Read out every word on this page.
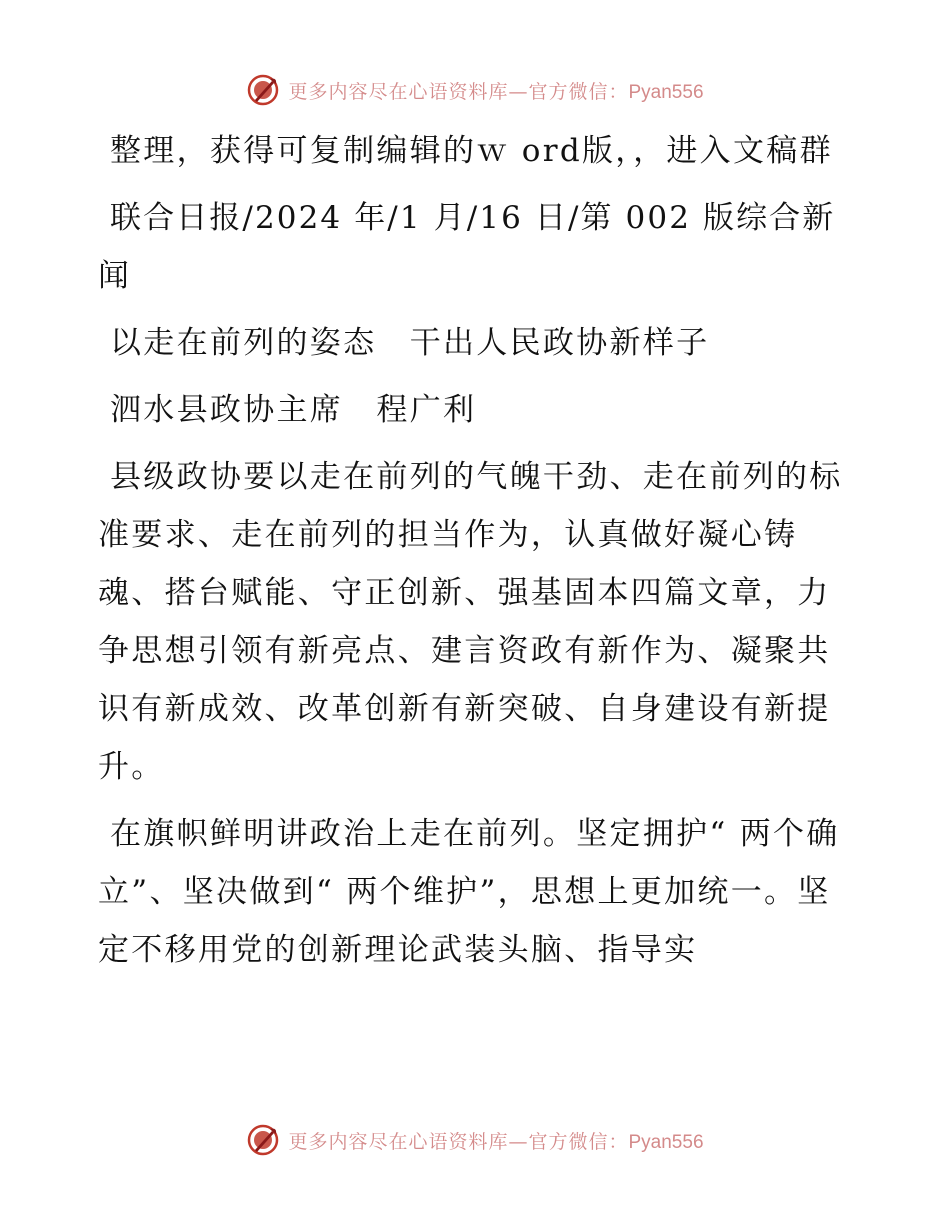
更多内容尽在心语资料库—官方微信：Pyan556

整理，获得可复制编辑的ｗ ord版，，进入文稿群

联合日报/2024 年/1 月/16 日/第 002 版综合新闻

以走在前列的姿态　干出人民政协新样子

泗水县政协主席　程广利

县级政协要以走在前列的气魄干劲、走在前列的标准要求、走在前列的担当作为，认真做好凝心铸魂、搭台赋能、守正创新、强基固本四篇文章，力争思想引领有新亮点、建言资政有新作为、凝聚共识有新成效、改革创新有新突破、自身建设有新提升。

在旗帜鲜明讲政治上走在前列。坚定拥护“ 两个确立”、坚决做到“ 两个维护”，思想上更加统一。坚定不移用党的创新理论武装头脑、指导实

更多内容尽在心语资料库—官方微信：Pyan556
